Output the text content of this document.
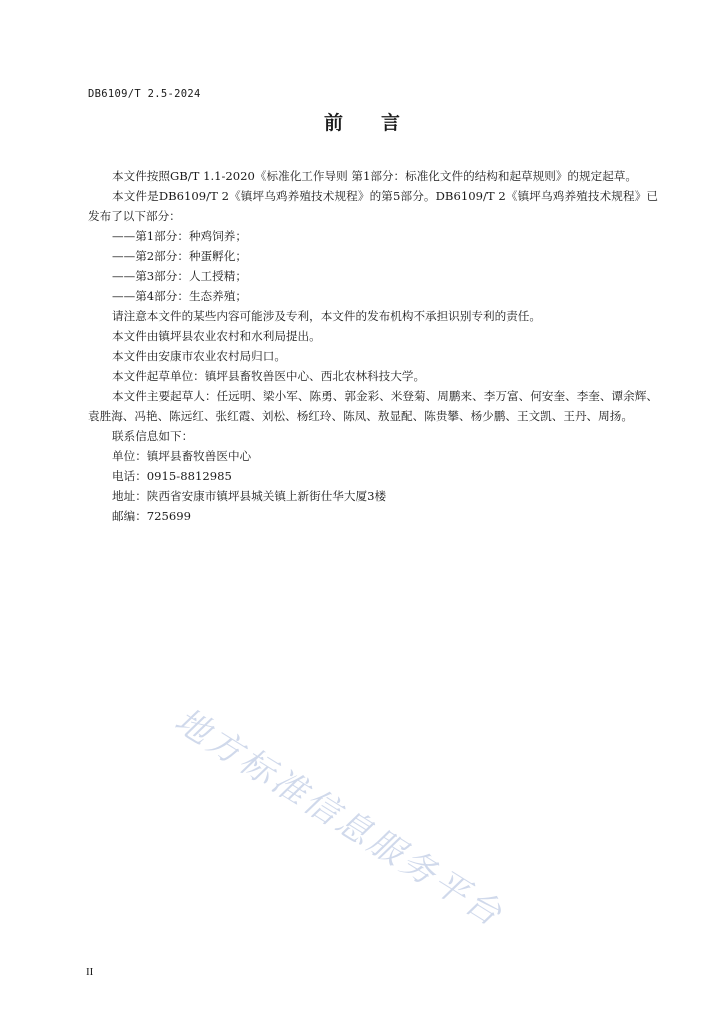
DB6109/T 2.5-2024
前　　言

本文件按照GB/T 1.1-2020《标准化工作导则 第1部分：标准化文件的结构和起草规则》的规定起草。

本文件是DB6109/T 2《镇坪乌鸡养殖技术规程》的第5部分。DB6109/T 2《镇坪乌鸡养殖技术规程》已发布了以下部分：

——第1部分：种鸡饲养；
——第2部分：种蛋孵化；
——第3部分：人工授精；
——第4部分：生态养殖；

请注意本文件的某些内容可能涉及专利，本文件的发布机构不承担识别专利的责任。

本文件由镇坪县农业农村和水利局提出。

本文件由安康市农业农村局归口。

本文件起草单位：镇坪县畜牧兽医中心、西北农林科技大学。

本文件主要起草人：任远明、梁小军、陈勇、郭金彩、米登菊、周鹏来、李万富、何安奎、李奎、谭余辉、袁胜海、冯艳、陈远红、张红霞、刘松、杨红玲、陈凤、敖显配、陈贵攀、杨少鹏、王文凯、王丹、周扬。

联系信息如下：

单位：镇坪县畜牧兽医中心

电话：0915-8812985

地址：陕西省安康市镇坪县城关镇上新街仕华大厦3楼

邮编：725699

地方标准信息服务平台
II
